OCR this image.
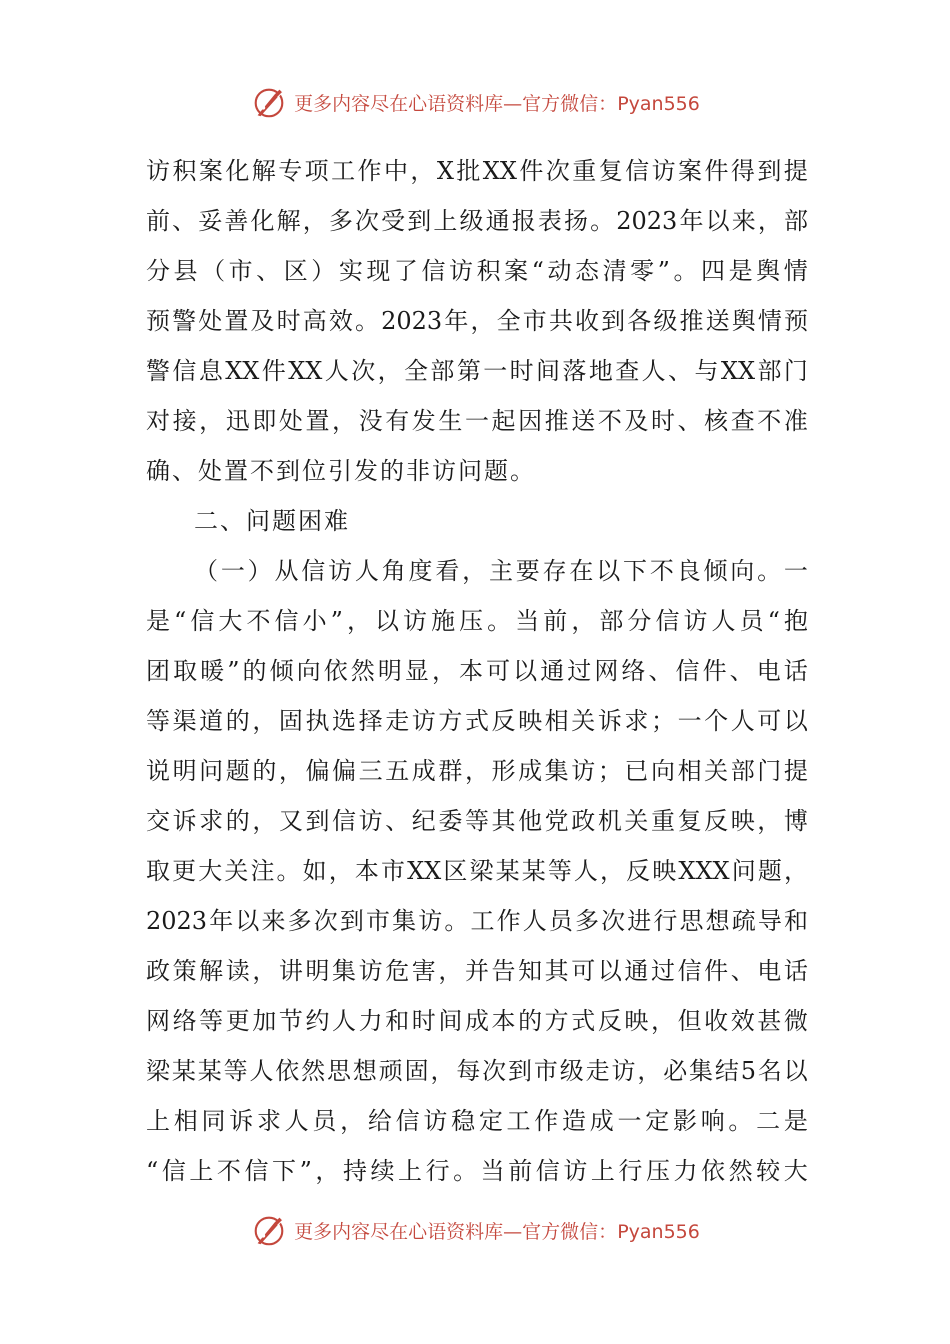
更多内容尽在心语资料库—官方微信：Pyan556
访 积 案 化 解 专 项 工 作 中 ， X 批 XX 件 次 重 复 信 访 案 件 得 到 提
前 、 妥 善 化 解 ， 多 次 受 到 上 级 通 报 表 扬 。 2023 年 以 来 ， 部
分 县 （ 市 、 区 ） 实 现 了 信 访 积 案 “ 动 态 清 零 ” 。 四 是 舆 情
预 警 处 置 及 时 高 效 。 2023 年 ， 全 市 共 收 到 各 级 推 送 舆 情 预
警 信 息 XX 件 XX 人 次 ， 全 部 第 一 时 间 落 地 查 人 、 与 XX 部 门
对 接 ， 迅 即 处 置 ， 没 有 发 生 一 起 因 推 送 不 及 时 、 核 查 不 准
确 、 处 置 不 到 位 引 发 的 非 访 问 题 。
二 、 问 题 困 难
（ 一 ） 从 信 访 人 角 度 看 ， 主 要 存 在 以 下 不 良 倾 向 。 一
是 “ 信 大 不 信 小 ” ， 以 访 施 压 。 当 前 ， 部 分 信 访 人 员 “ 抱
团 取 暖 ” 的 倾 向 依 然 明 显 ， 本 可 以 通 过 网 络 、 信 件 、 电 话
等 渠 道 的 ， 固 执 选 择 走 访 方 式 反 映 相 关 诉 求 ； 一 个 人 可 以
说 明 问 题 的 ， 偏 偏 三 五 成 群 ， 形 成 集 访 ； 已 向 相 关 部 门 提
交 诉 求 的 ， 又 到 信 访 、 纪 委 等 其 他 党 政 机 关 重 复 反 映 ， 博
取 更 大 关 注 。 如 ， 本 市 XX 区 梁 某 某 等 人 ， 反 映 XXX 问 题 ，
2023 年 以 来 多 次 到 市 集 访 。 工 作 人 员 多 次 进 行 思 想 疏 导 和
政 策 解 读 ， 讲 明 集 访 危 害 ， 并 告 知 其 可 以 通 过 信 件 、 电 话
网 络 等 更 加 节 约 人 力 和 时 间 成 本 的 方 式 反 映 ， 但 收 效 甚 微
梁 某 某 等 人 依 然 思 想 顽 固 ， 每 次 到 市 级 走 访 ， 必 集 结 5 名 以
上 相 同 诉 求 人 员 ， 给 信 访 稳 定 工 作 造 成 一 定 影 响 。 二 是
“ 信 上 不 信 下 ” ， 持 续 上 行 。 当 前 信 访 上 行 压 力 依 然 较 大
更多内容尽在心语资料库—官方微信：Pyan556
